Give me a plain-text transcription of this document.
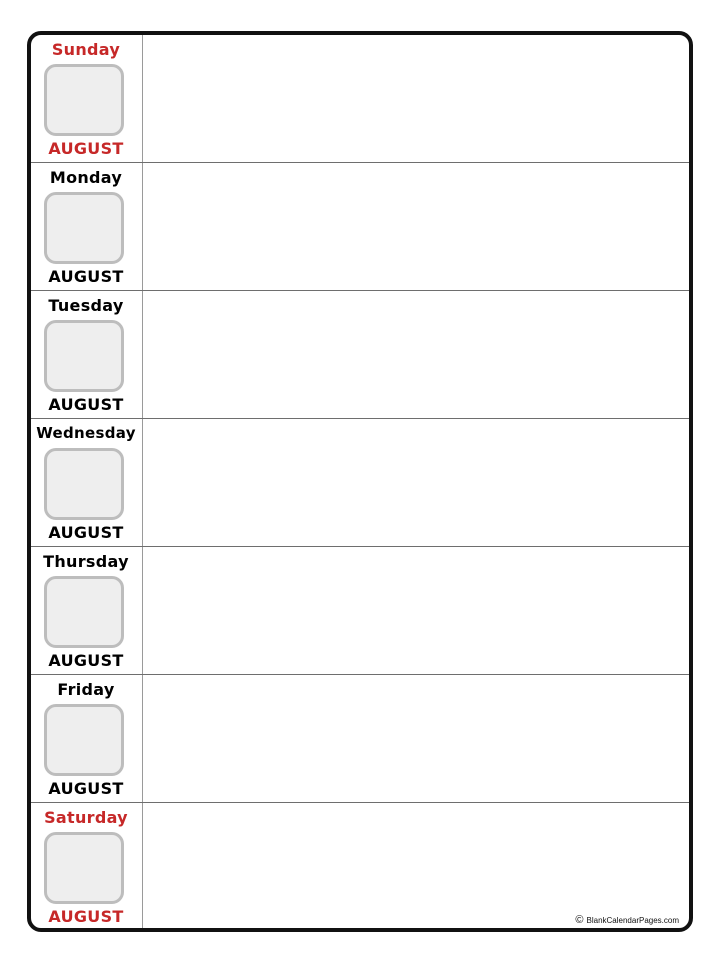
Sunday
AUGUST
Monday
AUGUST
Tuesday
AUGUST
Wednesday
AUGUST
Thursday
AUGUST
Friday
AUGUST
Saturday
AUGUST	© BlankCalendarPages.com
